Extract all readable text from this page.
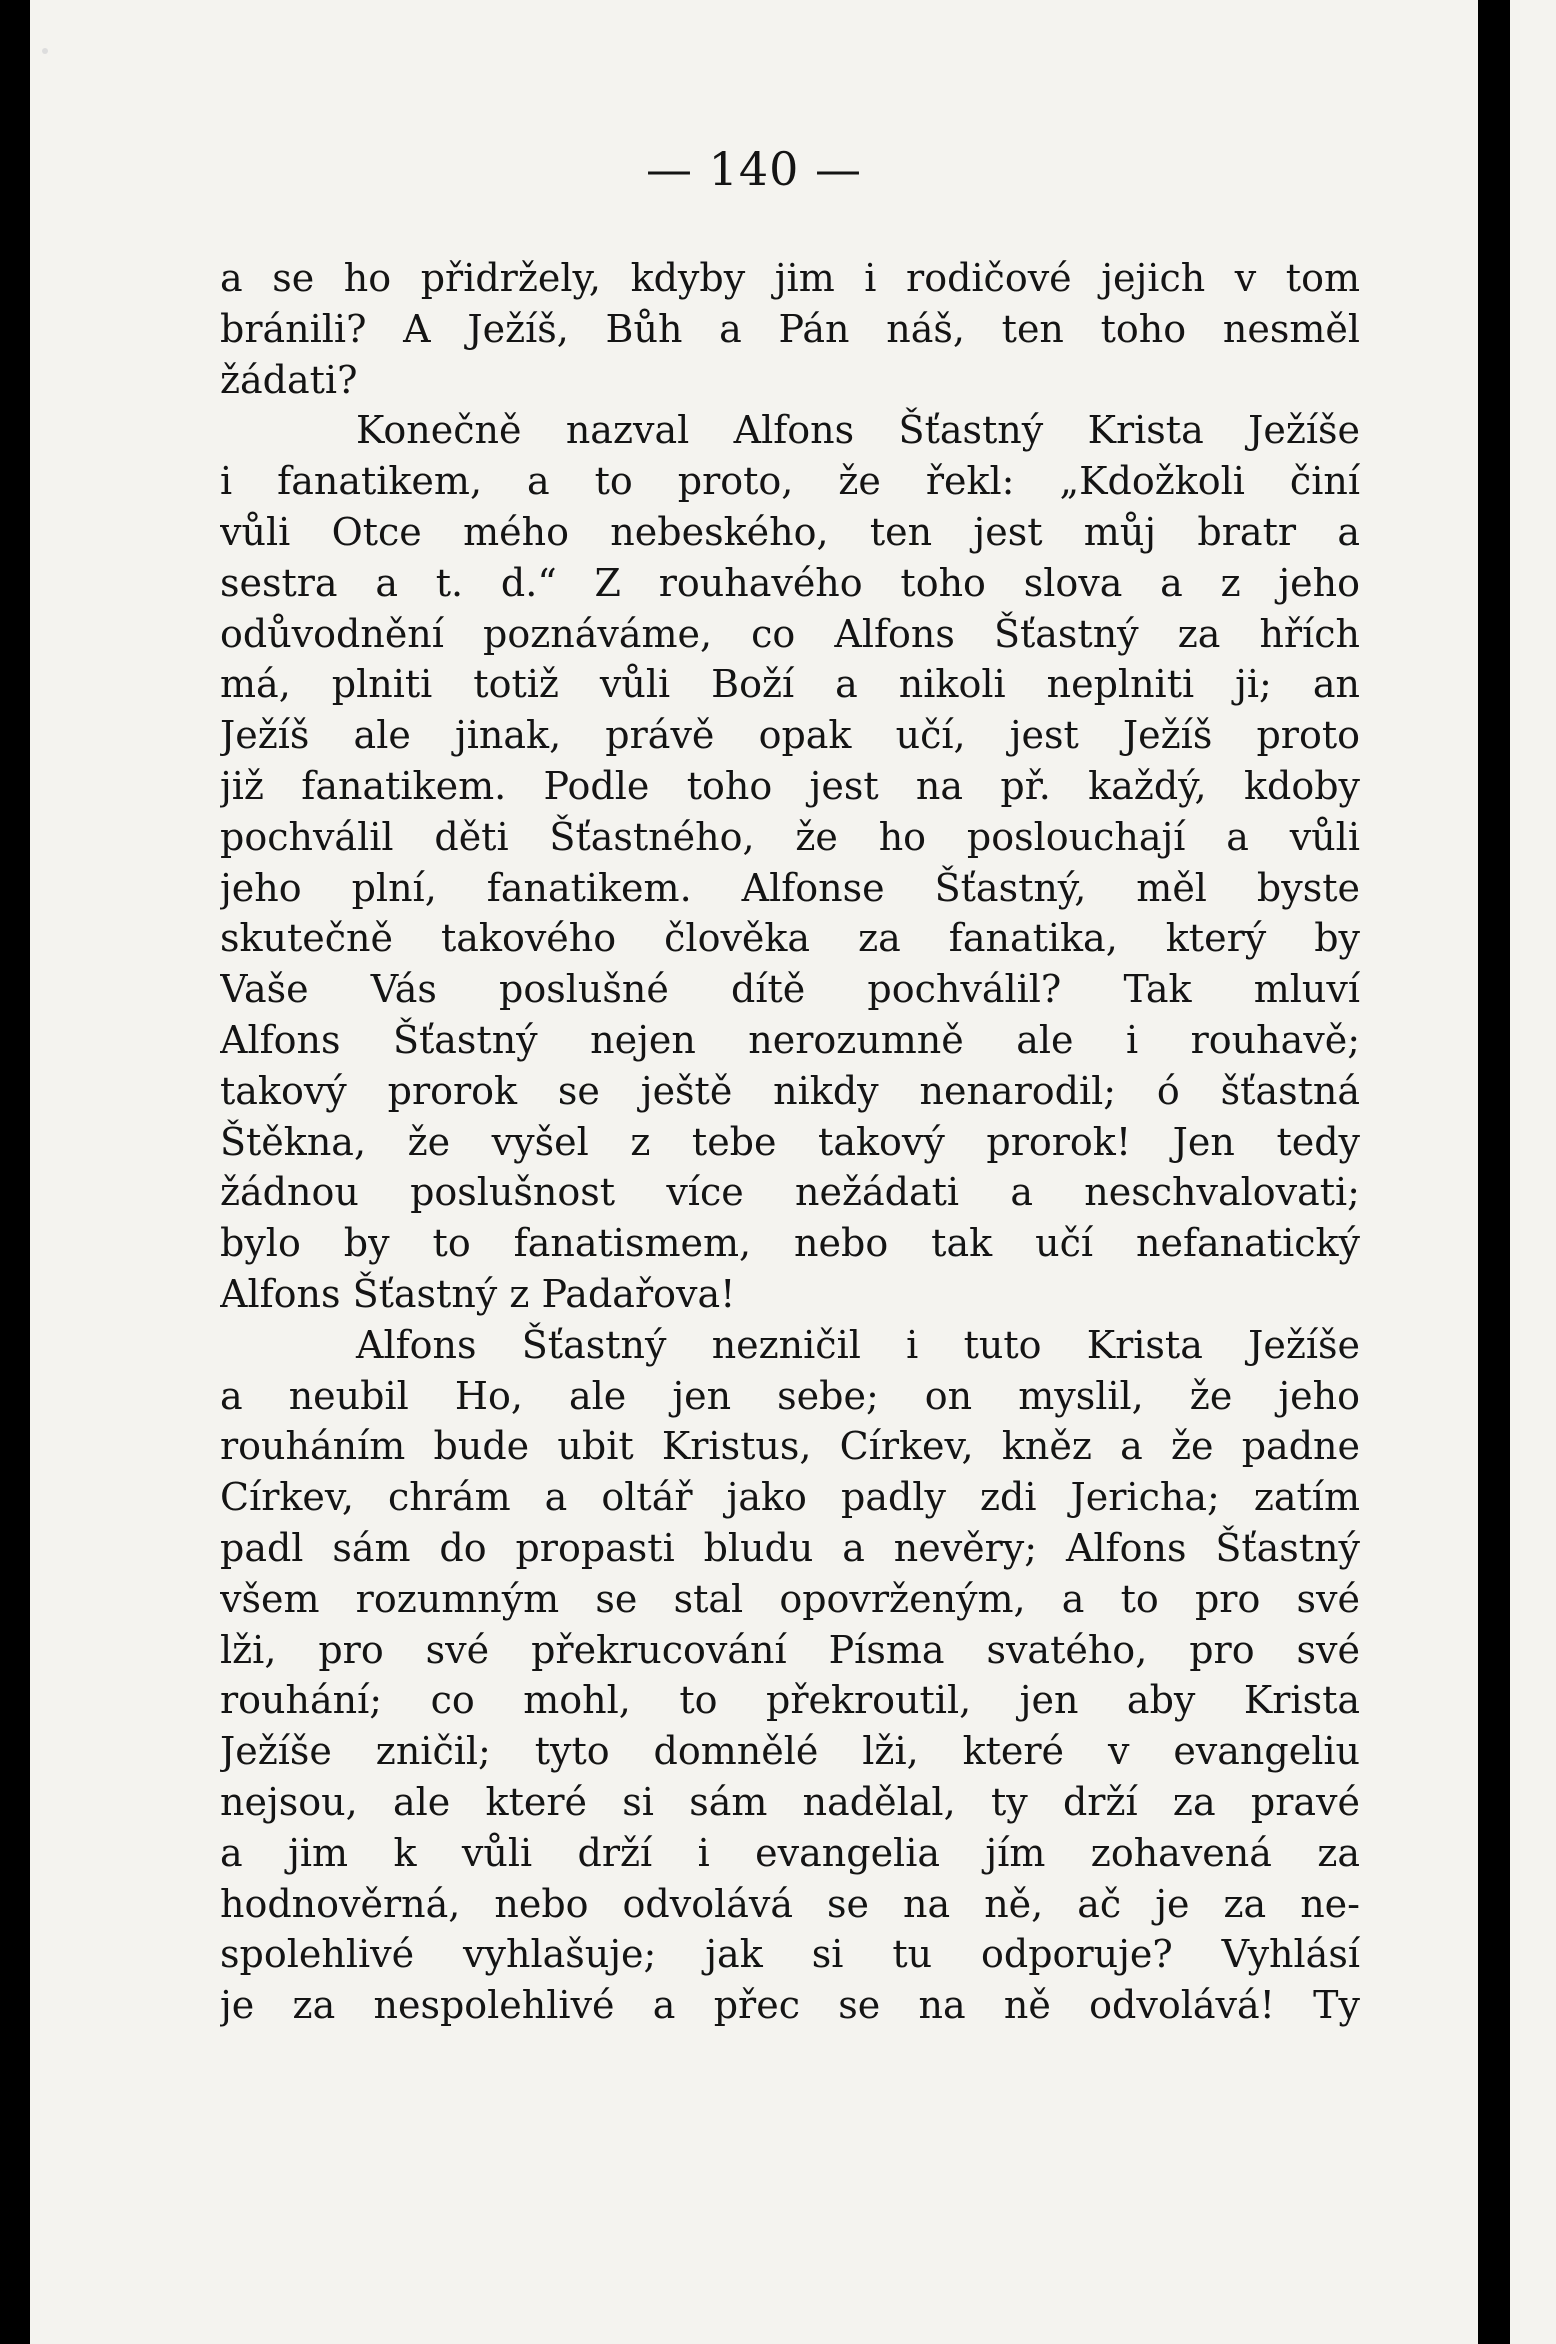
— 140 —
a se ho přidržely, kdyby jim i rodičové jejich v tom
bránili? A Ježíš, Bůh a Pán náš, ten toho nesměl
žádati?
Konečně nazval Alfons Šťastný Krista Ježíše
i fanatikem, a to proto, že řekl: „Kdožkoli činí
vůli Otce mého nebeského, ten jest můj bratr a
sestra a t. d.“ Z rouhavého toho slova a z jeho
odůvodnění poznáváme, co Alfons Šťastný za hřích
má, plniti totiž vůli Boží a nikoli neplniti ji; an
Ježíš ale jinak, právě opak učí, jest Ježíš proto
již fanatikem. Podle toho jest na př. každý, kdoby
pochválil děti Šťastného, že ho poslouchají a vůli
jeho plní, fanatikem. Alfonse Šťastný, měl byste
skutečně takového člověka za fanatika, který by
Vaše Vás poslušné dítě pochválil? Tak mluví
Alfons Šťastný nejen nerozumně ale i rouhavě;
takový prorok se ještě nikdy nenarodil; ó šťastná
Štěkna, že vyšel z tebe takový prorok! Jen tedy
žádnou poslušnost více nežádati a neschvalovati;
bylo by to fanatismem, nebo tak učí nefanatický
Alfons Šťastný z Padařova!
Alfons Šťastný nezničil i tuto Krista Ježíše
a neubil Ho, ale jen sebe; on myslil, že jeho
rouháním bude ubit Kristus, Církev, kněz a že padne
Církev, chrám a oltář jako padly zdi Jericha; zatím
padl sám do propasti bludu a nevěry; Alfons Šťastný
všem rozumným se stal opovrženým, a to pro své
lži, pro své překrucování Písma svatého, pro své
rouhání; co mohl, to překroutil, jen aby Krista
Ježíše zničil; tyto domnělé lži, které v evangeliu
nejsou, ale které si sám nadělal, ty drží za pravé
a jim k vůli drží i evangelia jím zohavená za
hodnověrná, nebo odvolává se na ně, ač je za ne-
spolehlivé vyhlašuje; jak si tu odporuje? Vyhlásí
je za nespolehlivé a přec se na ně odvolává! Ty
